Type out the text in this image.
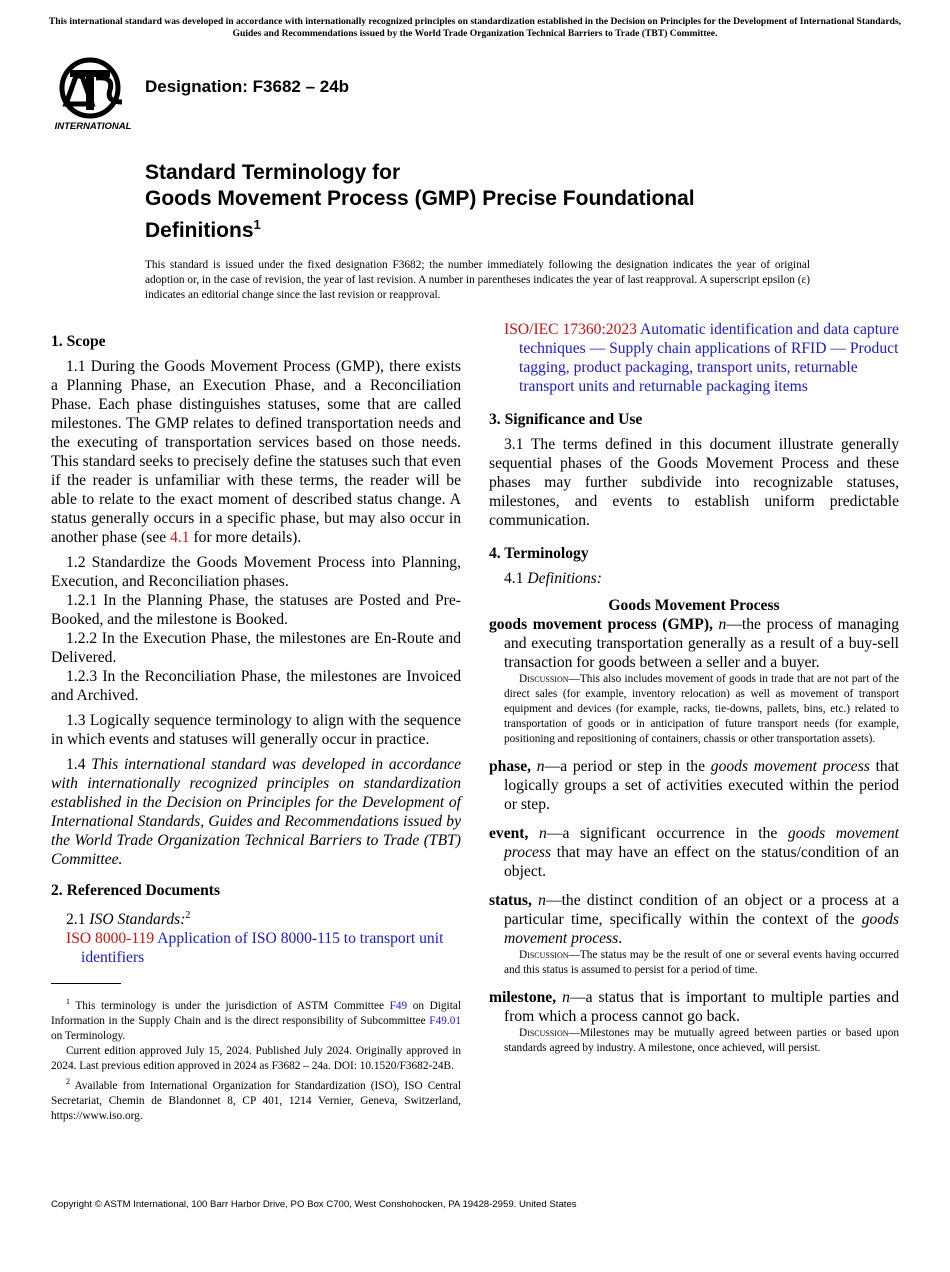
This international standard was developed in accordance with internationally recognized principles on standardization established in the Decision on Principles for the Development of International Standards, Guides and Recommendations issued by the World Trade Organization Technical Barriers to Trade (TBT) Committee.
INTERNATIONAL
Designation: F3682 – 24b
Standard Terminology for
Goods Movement Process (GMP) Precise Foundational
Definitions$^1$
This standard is issued under the fixed designation F3682; the number immediately following the designation indicates the year of original adoption or, in the case of revision, the year of last revision. A number in parentheses indicates the year of last reapproval. A superscript epsilon (ε) indicates an editorial change since the last revision or reapproval.
1. Scope
1.1 During the Goods Movement Process (GMP), there exists a Planning Phase, an Execution Phase, and a Reconciliation Phase. Each phase distinguishes statuses, some that are called milestones. The GMP relates to defined transportation needs and the executing of transportation services based on those needs. This standard seeks to precisely define the statuses such that even if the reader is unfamiliar with these terms, the reader will be able to relate to the exact moment of described status change. A status generally occurs in a specific phase, but may also occur in another phase (see 4.1 for more details).
1.2 Standardize the Goods Movement Process into Planning, Execution, and Reconciliation phases.
1.2.1 In the Planning Phase, the statuses are Posted and Pre-Booked, and the milestone is Booked.
1.2.2 In the Execution Phase, the milestones are En-Route and Delivered.
1.2.3 In the Reconciliation Phase, the milestones are Invoiced and Archived.
1.3 Logically sequence terminology to align with the sequence in which events and statuses will generally occur in practice.
1.4 This international standard was developed in accordance with internationally recognized principles on standardization established in the Decision on Principles for the Development of International Standards, Guides and Recommendations issued by the World Trade Organization Technical Barriers to Trade (TBT) Committee.
2. Referenced Documents
2.1 ISO Standards:$^2$
ISO 8000-119 Application of ISO 8000-115 to transport unit identifiers

$^1$ This terminology is under the jurisdiction of ASTM Committee F49 on Digital Information in the Supply Chain and is the direct responsibility of Subcommittee F49.01 on Terminology.

Current edition approved July 15, 2024. Published July 2024. Originally approved in 2024. Last previous edition approved in 2024 as F3682 – 24a. DOI: 10.1520/F3682-24B.

$^2$ Available from International Organization for Standardization (ISO), ISO Central Secretariat, Chemin de Blandonnet 8, CP 401, 1214 Vernier, Geneva, Switzerland, https://www.iso.org.

ISO/IEC 17360:2023 Automatic identification and data capture techniques — Supply chain applications of RFID — Product tagging, product packaging, transport units, returnable transport units and returnable packaging items
3. Significance and Use
3.1 The terms defined in this document illustrate generally sequential phases of the Goods Movement Process and these phases may further subdivide into recognizable statuses, milestones, and events to establish uniform predictable communication.
4. Terminology
4.1 Definitions:
Goods Movement Process
goods movement process (GMP), n—the process of managing and executing transportation generally as a result of a buy-sell transaction for goods between a seller and a buyer.
Discussion—This also includes movement of goods in trade that are not part of the direct sales (for example, inventory relocation) as well as movement of transport equipment and devices (for example, racks, tie-downs, pallets, bins, etc.) related to transportation of goods or in anticipation of future transport needs (for example, positioning and repositioning of containers, chassis or other transportation assets).
phase, n—a period or step in the goods movement process that logically groups a set of activities executed within the period or step.
event, n—a significant occurrence in the goods movement process that may have an effect on the status/condition of an object.
status, n—the distinct condition of an object or a process at a particular time, specifically within the context of the goods movement process.
Discussion—The status may be the result of one or several events having occurred and this status is assumed to persist for a period of time.
milestone, n—a status that is important to multiple parties and from which a process cannot go back.
Discussion—Milestones may be mutually agreed between parties or based upon standards agreed by industry. A milestone, once achieved, will persist.
Copyright © ASTM International, 100 Barr Harbor Drive, PO Box C700, West Conshohocken, PA 19428-2959. United States
